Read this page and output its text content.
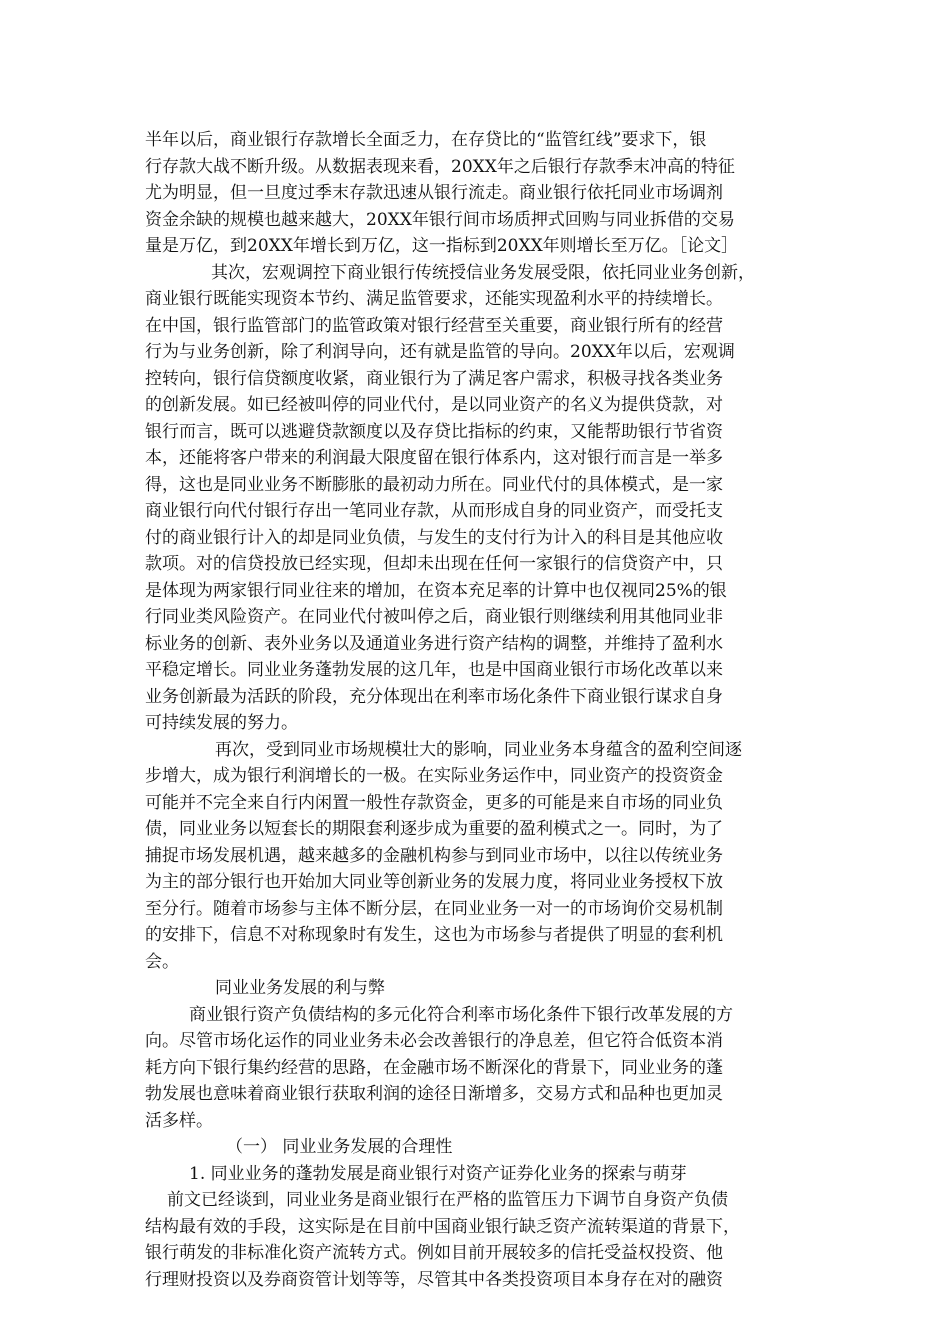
半年以后，商业银行存款增长全面乏力，在存贷比的“监管红线”要求下，银
行存款大战不断升级。从数据表现来看，20XX年之后银行存款季末冲高的特征
尤为明显，但一旦度过季末存款迅速从银行流走。商业银行依托同业市场调剂
资金余缺的规模也越来越大，20XX年银行间市场质押式回购与同业拆借的交易
量是万亿，到20XX年增长到万亿，这一指标到20XX年则增长至万亿。［论文］
其次，宏观调控下商业银行传统授信业务发展受限，依托同业业务创新，
商业银行既能实现资本节约、满足监管要求，还能实现盈利水平的持续增长。
在中国，银行监管部门的监管政策对银行经营至关重要，商业银行所有的经营
行为与业务创新，除了利润导向，还有就是监管的导向。20XX年以后，宏观调
控转向，银行信贷额度收紧，商业银行为了满足客户需求，积极寻找各类业务
的创新发展。如已经被叫停的同业代付，是以同业资产的名义为提供贷款，对
银行而言，既可以逃避贷款额度以及存贷比指标的约束，又能帮助银行节省资
本，还能将客户带来的利润最大限度留在银行体系内，这对银行而言是一举多
得，这也是同业业务不断膨胀的最初动力所在。同业代付的具体模式，是一家
商业银行向代付银行存出一笔同业存款，从而形成自身的同业资产，而受托支
付的商业银行计入的却是同业负债，与发生的支付行为计入的科目是其他应收
款项。对的信贷投放已经实现，但却未出现在任何一家银行的信贷资产中，只
是体现为两家银行同业往来的增加，在资本充足率的计算中也仅视同25%的银
行同业类风险资产。在同业代付被叫停之后，商业银行则继续利用其他同业非
标业务的创新、表外业务以及通道业务进行资产结构的调整，并维持了盈利水
平稳定增长。同业业务蓬勃发展的这几年，也是中国商业银行市场化改革以来
业务创新最为活跃的阶段，充分体现出在利率市场化条件下商业银行谋求自身
可持续发展的努力。
再次，受到同业市场规模壮大的影响，同业业务本身蕴含的盈利空间逐
步增大，成为银行利润增长的一极。在实际业务运作中，同业资产的投资资金
可能并不完全来自行内闲置一般性存款资金，更多的可能是来自市场的同业负
债，同业业务以短套长的期限套利逐步成为重要的盈利模式之一。同时，为了
捕捉市场发展机遇，越来越多的金融机构参与到同业市场中，以往以传统业务
为主的部分银行也开始加大同业等创新业务的发展力度，将同业业务授权下放
至分行。随着市场参与主体不断分层，在同业业务一对一的市场询价交易机制
的安排下，信息不对称现象时有发生，这也为市场参与者提供了明显的套利机
会。
同业业务发展的利与弊
商业银行资产负债结构的多元化符合利率市场化条件下银行改革发展的方
向。尽管市场化运作的同业业务未必会改善银行的净息差，但它符合低资本消
耗方向下银行集约经营的思路，在金融市场不断深化的背景下，同业业务的蓬
勃发展也意味着商业银行获取利润的途径日渐增多，交易方式和品种也更加灵
活多样。
（一） 同业业务发展的合理性
1. 同业业务的蓬勃发展是商业银行对资产证券化业务的探索与萌芽
前文已经谈到，同业业务是商业银行在严格的监管压力下调节自身资产负债
结构最有效的手段，这实际是在目前中国商业银行缺乏资产流转渠道的背景下，
银行萌发的非标准化资产流转方式。例如目前开展较多的信托受益权投资、他
行理财投资以及券商资管计划等等，尽管其中各类投资项目本身存在对的融资
